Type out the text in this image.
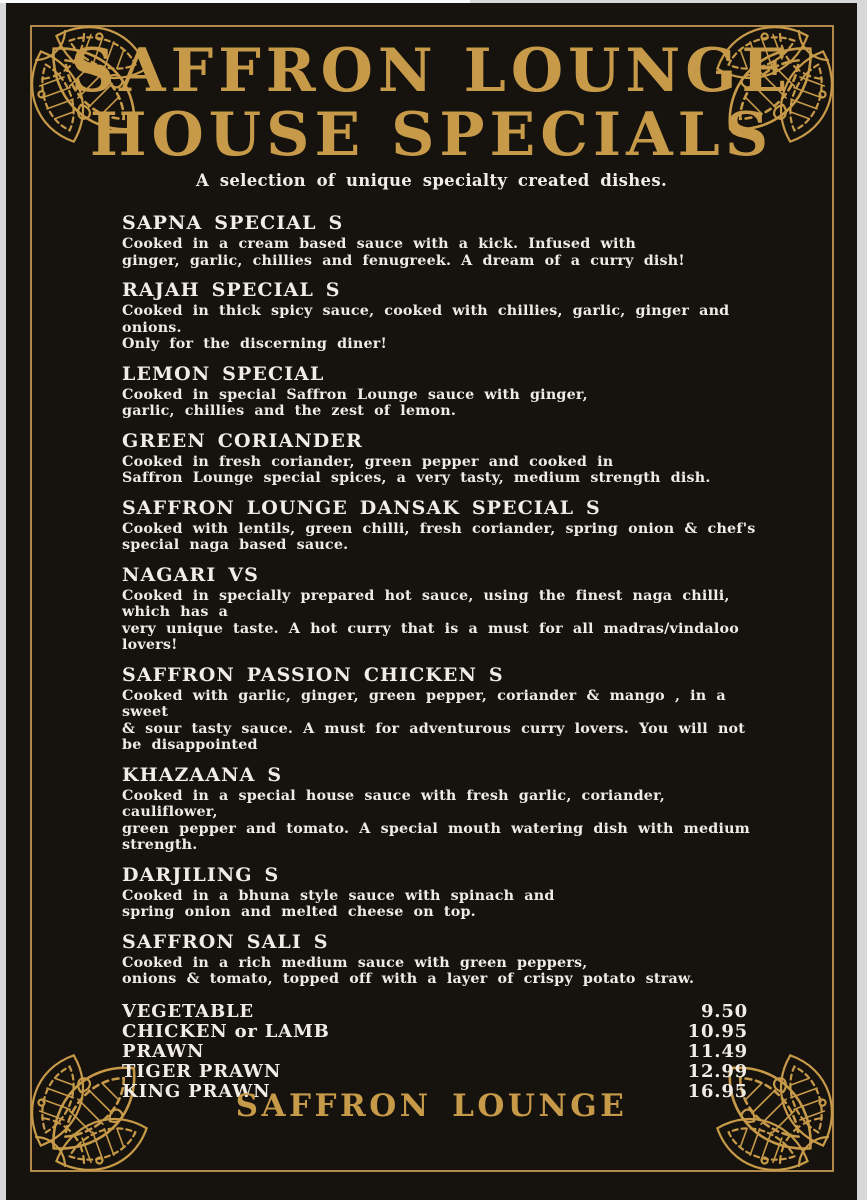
SAFFRON LOUNGE
HOUSE SPECIALS

A selection of unique specialty created dishes.

SAPNA SPECIAL S

Cooked in a cream based sauce with a kick. Infused with

ginger, garlic, chillies and fenugreek. A dream of a curry dish!

RAJAH SPECIAL S

Cooked in thick spicy sauce, cooked with chillies, garlic, ginger and onions.

Only for the discerning diner!

LEMON SPECIAL

Cooked in special Saffron Lounge sauce with ginger,

garlic, chillies and the zest of lemon.

GREEN CORIANDER

Cooked in fresh coriander, green pepper and cooked in

Saffron Lounge special spices, a very tasty, medium strength dish.

SAFFRON LOUNGE DANSAK SPECIAL S

Cooked with lentils, green chilli, fresh coriander, spring onion & chef's special naga based sauce.

NAGARI VS

Cooked in specially prepared hot sauce, using the finest naga chilli, which has a

very unique taste. A hot curry that is a must for all madras/vindaloo lovers!

SAFFRON PASSION CHICKEN S

Cooked with garlic, ginger, green pepper, coriander & mango , in a sweet

& sour tasty sauce. A must for adventurous curry lovers. You will not be disappointed

KHAZAANA S

Cooked in a special house sauce with fresh garlic, coriander, cauliflower,

green pepper and tomato. A special mouth watering dish with medium strength.

DARJILING S

Cooked in a bhuna style sauce with spinach and

spring onion and melted cheese on top.

SAFFRON SALI S

Cooked in a rich medium sauce with green peppers,

onions & tomato, topped off with a layer of crispy potato straw.

VEGETABLE	9.50
CHICKEN or LAMB	10.95
PRAWN	11.49
TIGER PRAWN	12.99
KING PRAWN	16.95
SAFFRON LOUNGE
